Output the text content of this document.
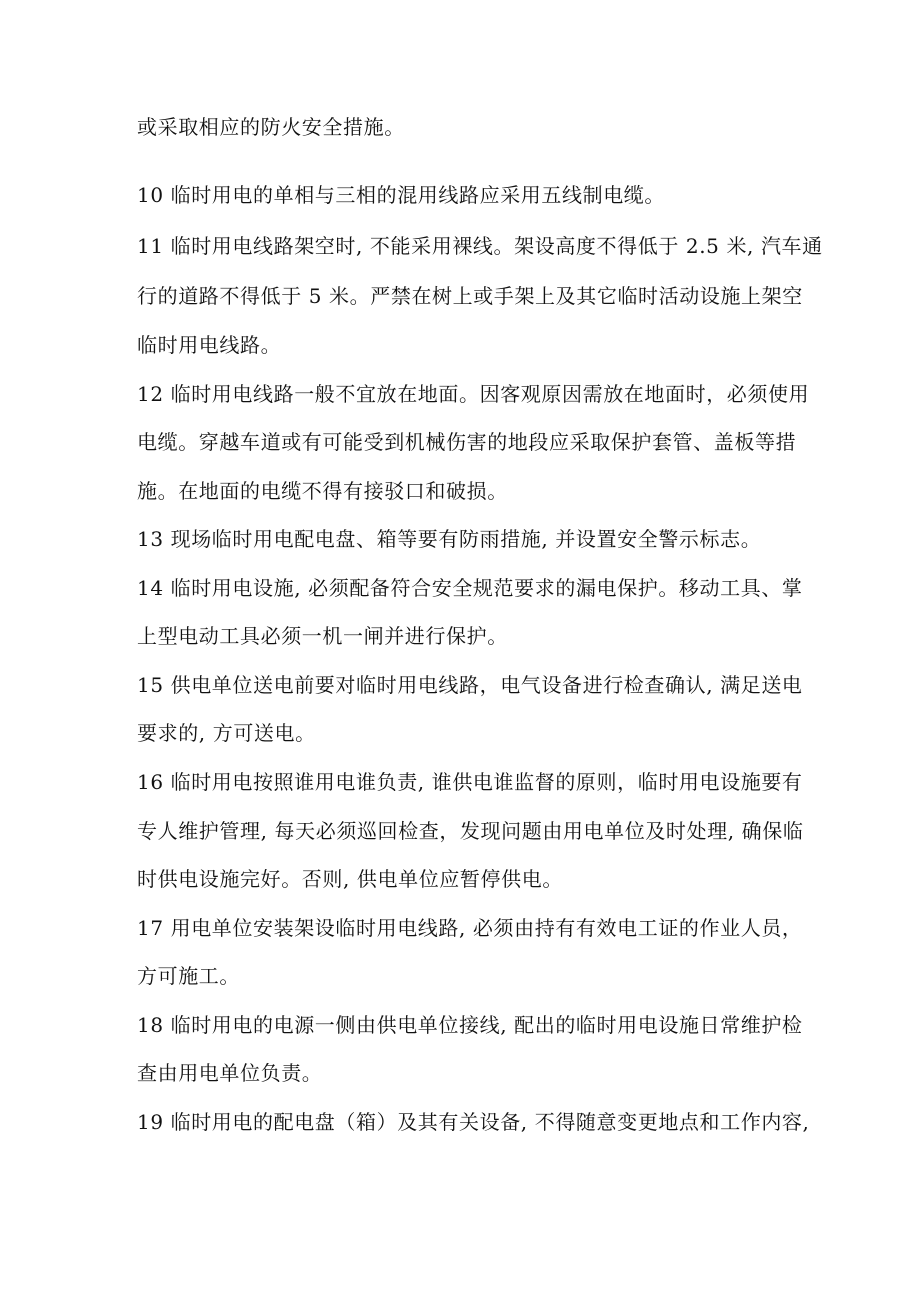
或采取相应的防火安全措施。
10 临时用电的单相与三相的混用线路应采用五线制电缆。
11 临时用电线路架空时, 不能采用裸线。架设高度不得低于 2.5 米, 汽车通
行的道路不得低于 5 米。严禁在树上或手架上及其它临时活动设施上架空
临时用电线路。
12 临时用电线路一般不宜放在地面。因客观原因需放在地面时，必须使用
电缆。穿越车道或有可能受到机械伤害的地段应采取保护套管、盖板等措
施。在地面的电缆不得有接驳口和破损。
13 现场临时用电配电盘、箱等要有防雨措施, 并设置安全警示标志。
14 临时用电设施, 必须配备符合安全规范要求的漏电保护。移动工具、掌
上型电动工具必须一机一闸并进行保护。
15 供电单位送电前要对临时用电线路，电气设备进行检查确认, 满足送电
要求的, 方可送电。
16 临时用电按照谁用电谁负责, 谁供电谁监督的原则，临时用电设施要有
专人维护管理, 每天必须巡回检查，发现问题由用电单位及时处理, 确保临
时供电设施完好。否则, 供电单位应暂停供电。
17 用电单位安装架设临时用电线路, 必须由持有有效电工证的作业人员，
方可施工。
18 临时用电的电源一侧由供电单位接线, 配出的临时用电设施日常维护检
查由用电单位负责。
19 临时用电的配电盘（箱）及其有关设备, 不得随意变更地点和工作内容,
